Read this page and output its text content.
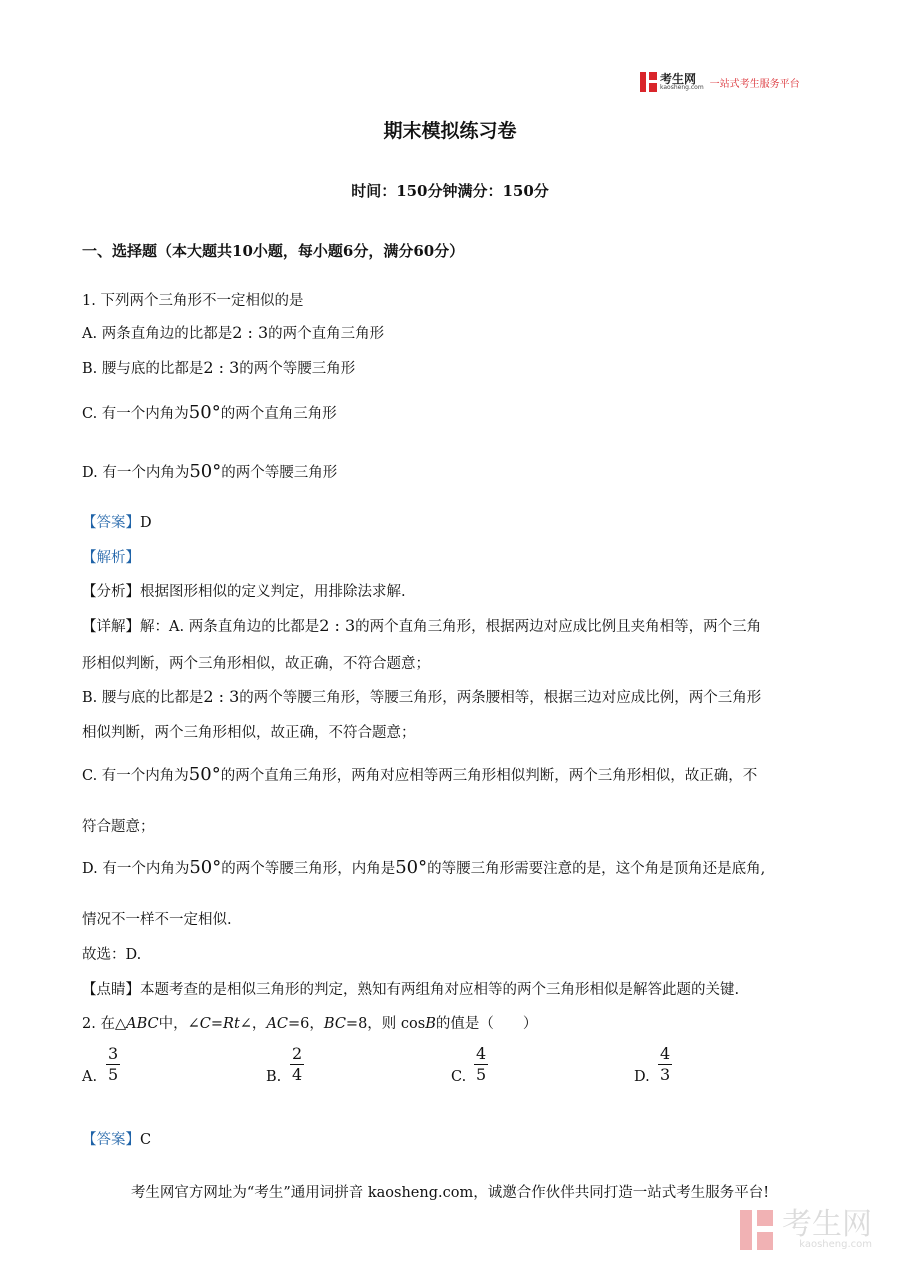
考生网
kaosheng.com 一站式考生服务平台
期末模拟练习卷
时间：150分钟满分：150分
一、选择题（本大题共10小题，每小题6分，满分60分）
1. 下列两个三角形不一定相似的是
A. 两条直角边的比都是2 : 3的两个直角三角形
B. 腰与底的比都是2 : 3的两个等腰三角形
C. 有一个内角为50°的两个直角三角形
D. 有一个内角为50°的两个等腰三角形
【答案】D
【解析】
【分析】根据图形相似的定义判定，用排除法求解.
【详解】解：A. 两条直角边的比都是2 : 3的两个直角三角形，根据两边对应成比例且夹角相等，两个三角
形相似判断，两个三角形相似，故正确，不符合题意；
B. 腰与底的比都是2 : 3的两个等腰三角形，等腰三角形，两条腰相等，根据三边对应成比例，两个三角形
相似判断，两个三角形相似，故正确，不符合题意；
C. 有一个内角为50°的两个直角三角形，两角对应相等两三角形相似判断，两个三角形相似，故正确，不
符合题意；
D. 有一个内角为50°的两个等腰三角形，内角是50°的等腰三角形需要注意的是，这个角是顶角还是底角,
情况不一样不一定相似.
故选：D.
【点睛】本题考查的是相似三角形的判定，熟知有两组角对应相等的两个三角形相似是解答此题的关键.
2. 在△ABC中，∠C=Rt∠，AC=6，BC=8，则 cosB的值是（　　）
A.
3
5	B.
2
4	C.
4
5	D.
4
3
【答案】C
考生网官方网址为“考生”通用词拼音 kaosheng.com，诚邀合作伙伴共同打造一站式考生服务平台!
考生网
kaosheng.com
